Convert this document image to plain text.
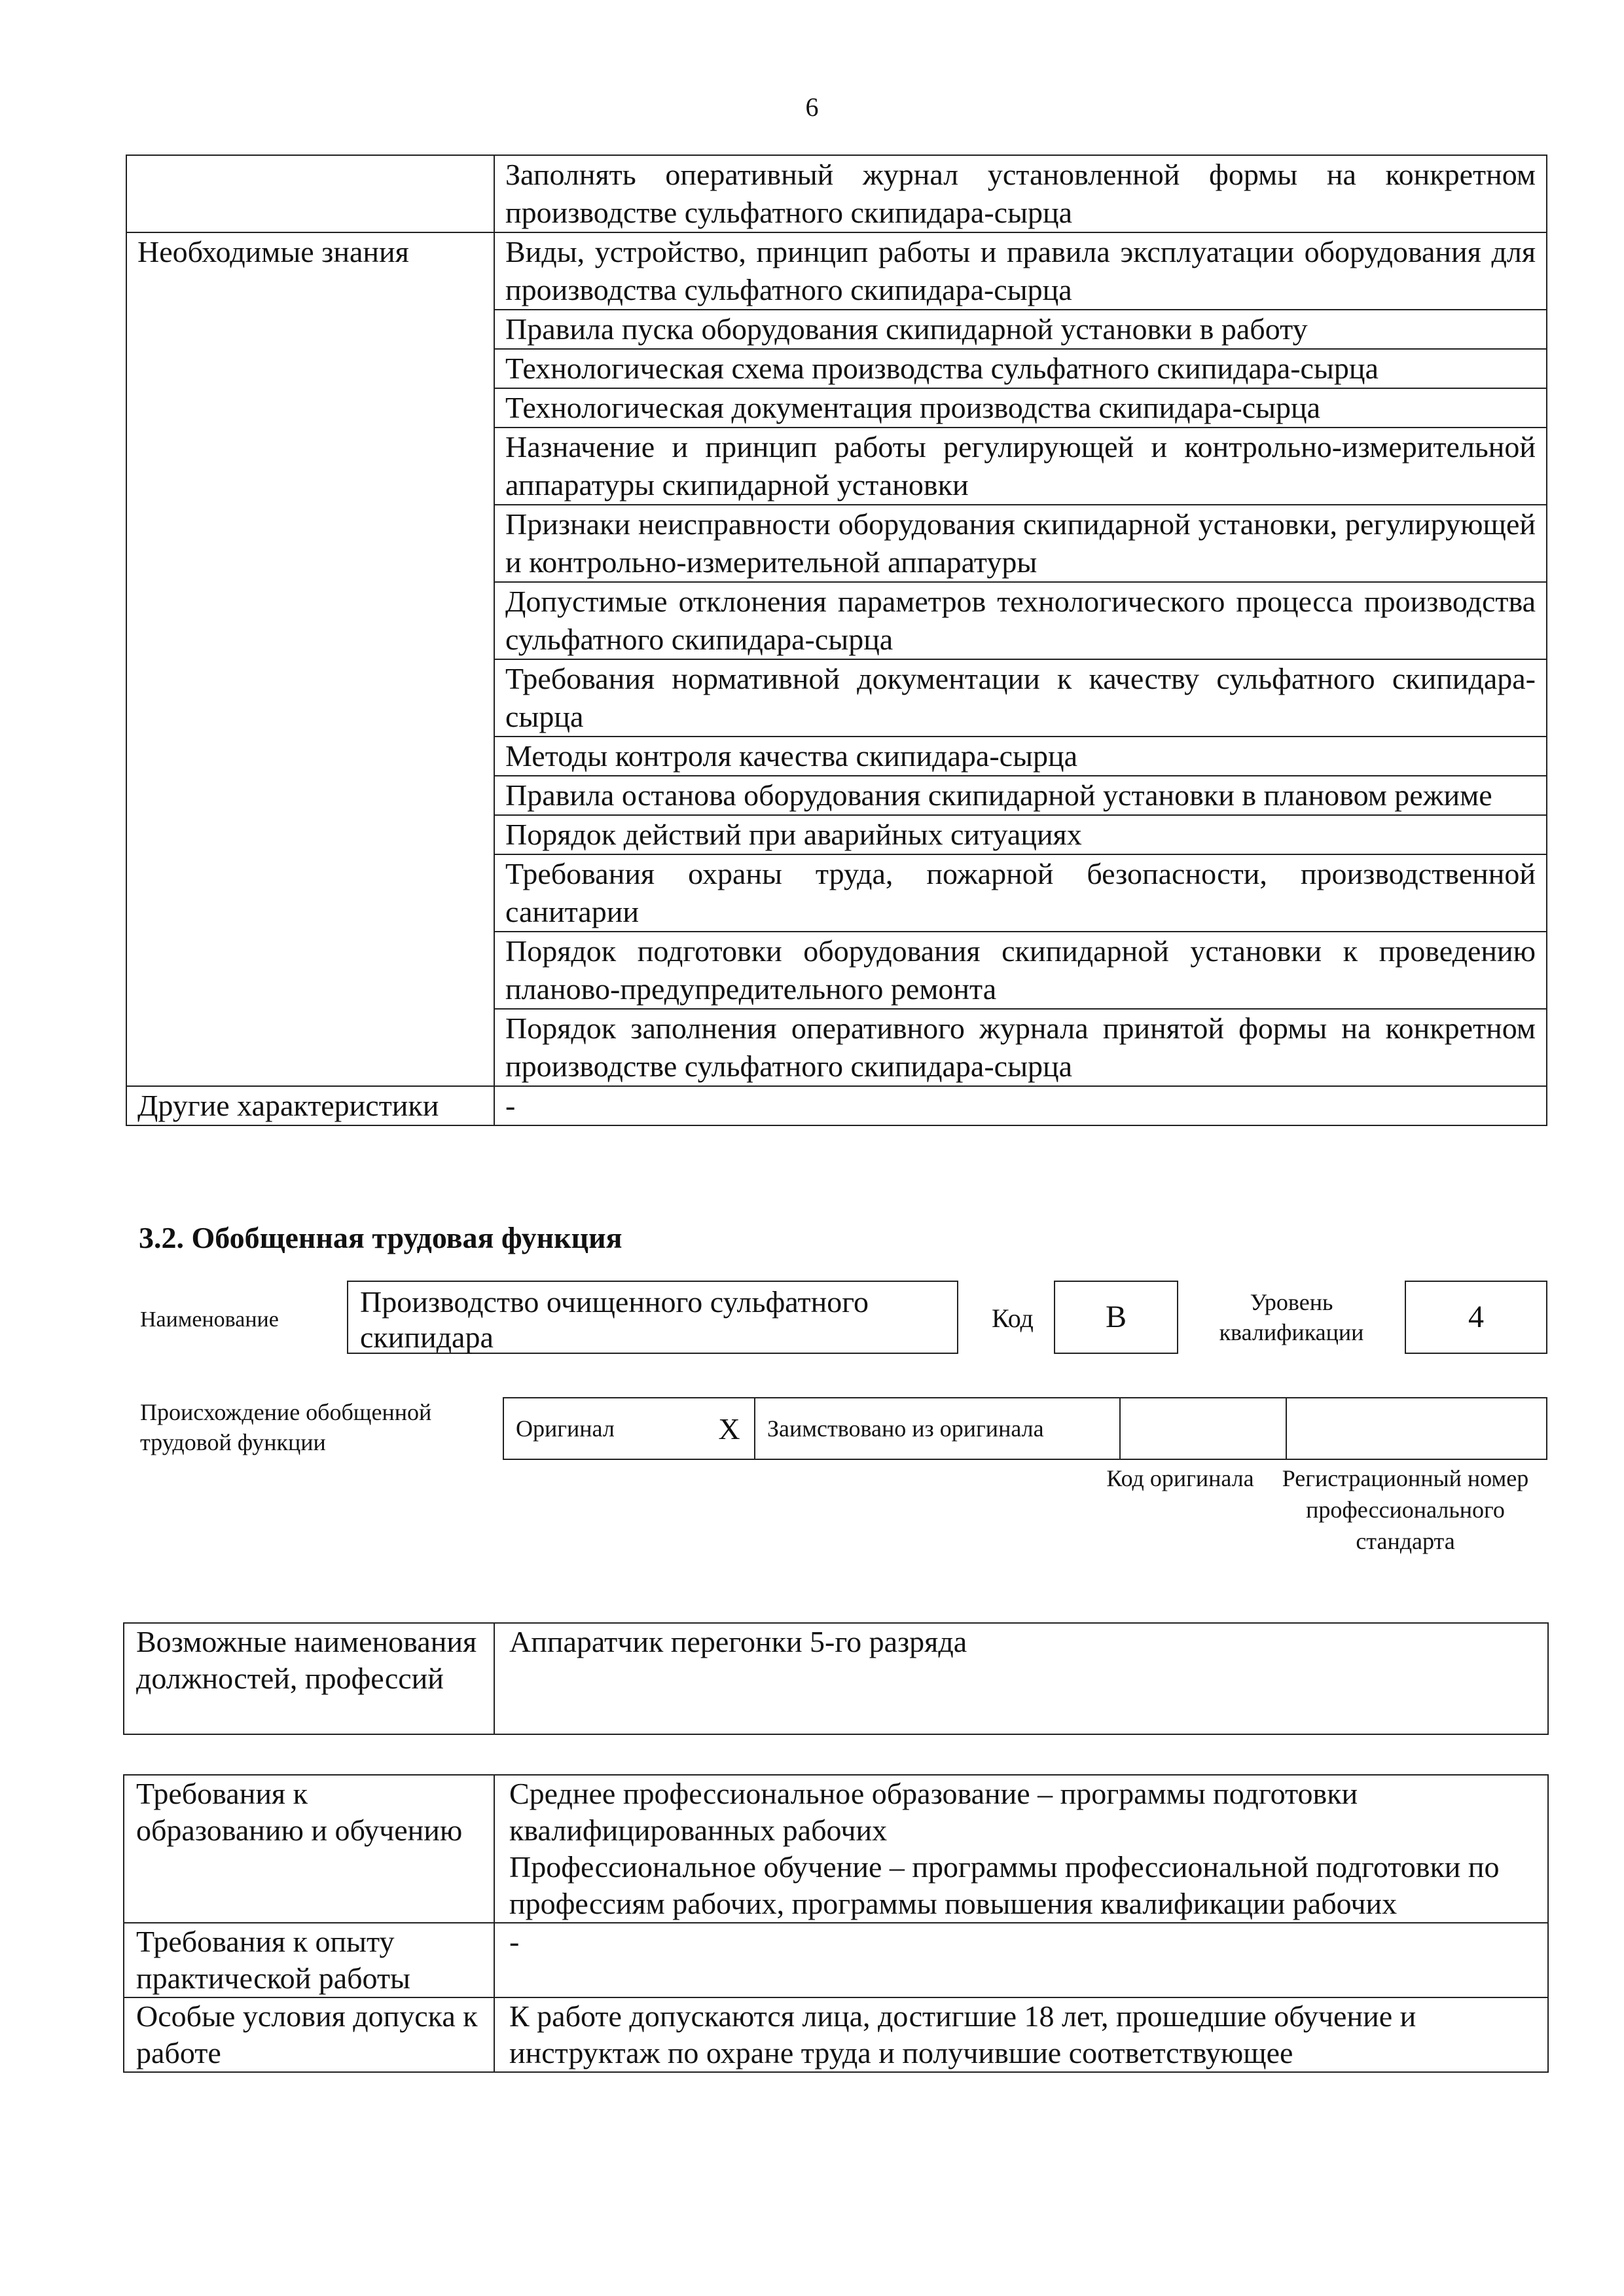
6
	Заполнять оперативный журнал установленной формы на конкретном производстве сульфатного скипидара-сырца
Необходимые знания	Виды, устройство, принцип работы и правила эксплуатации оборудования для производства сульфатного скипидара-сырца
	Правила пуска оборудования скипидарной установки в работу
	Технологическая схема производства сульфатного скипидара-сырца
	Технологическая документация производства скипидара-сырца
	Назначение и принцип работы регулирующей и контрольно-измерительной аппаратуры скипидарной установки
	Признаки неисправности оборудования скипидарной установки, регулирующей и контрольно-измерительной аппаратуры
	Допустимые отклонения параметров технологического процесса производства сульфатного скипидара-сырца
	Требования нормативной документации к качеству сульфатного скипидара-сырца
	Методы контроля качества скипидара-сырца
	Правила останова оборудования скипидарной установки в плановом режиме
	Порядок действий при аварийных ситуациях
	Требования охраны труда, пожарной безопасности, производственной санитарии
	Порядок подготовки оборудования скипидарной установки к проведению планово-предупредительного ремонта
	Порядок заполнения оперативного журнала принятой формы на конкретном производстве сульфатного скипидара-сырца
Другие характеристики	-
3.2. Обобщенная трудовая функция
Наименование
Производство очищенного сульфатного скипидара
Код	В	Уровень квалификации	4
Происхождение обобщенной трудовой функции
Оригинал	X	Заимствовано из оригинала		
Код оригинала	Регистрационный номер профессионального стандарта
Возможные наименования должностей, профессий	Аппаратчик перегонки 5-го разряда
Требования к образованию и обучению	Среднее профессиональное образование – программы подготовки квалифицированных рабочих
Профессиональное обучение – программы профессиональной подготовки по профессиям рабочих, программы повышения квалификации рабочих
Требования к опыту практической работы	-
Особые условия допуска к работе	К работе допускаются лица, достигшие 18 лет, прошедшие обучение и инструктаж по охране труда и получившие соответствующее
